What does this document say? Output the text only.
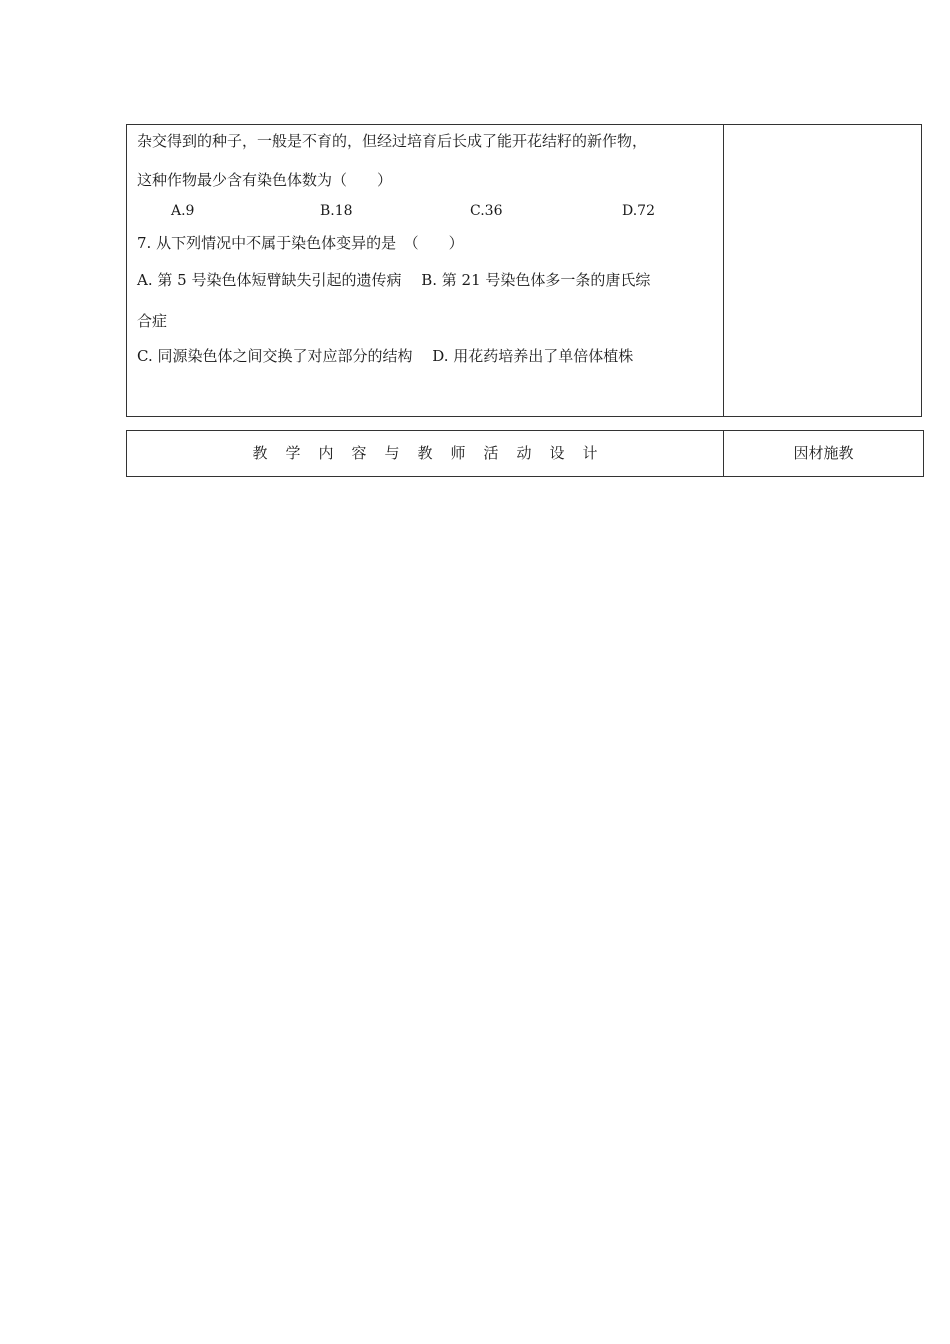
杂交得到的种子，一般是不育的，但经过培育后长成了能开花结籽的新作物，
这种作物最少含有染色体数为（　　）
A.9	B.18	C.36	D.72
7. 从下列情况中不属于染色体变异的是　（　　）
A. 第 5 号染色体短臂缺失引起的遗传病　 B. 第 21 号染色体多一条的唐氏综
合症
C. 同源染色体之间交换了对应部分的结构　 D. 用花药培养出了单倍体植株
教学内容与教师活动设计	因材施教
